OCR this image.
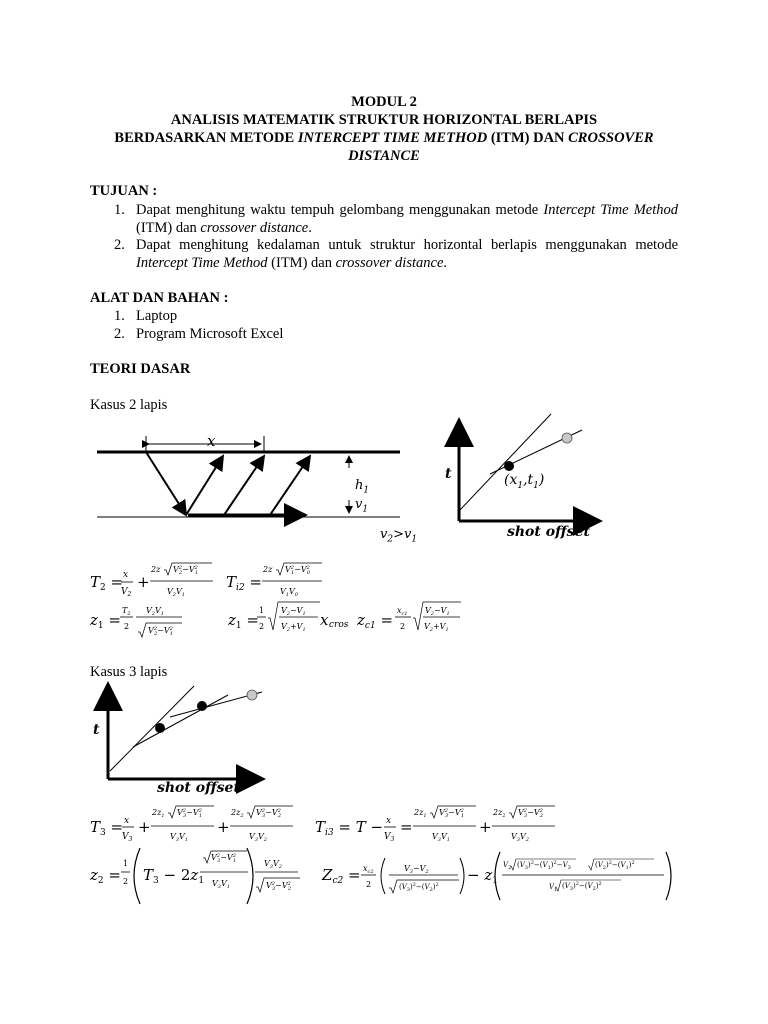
MODUL 2
ANALISIS MATEMATIK STRUKTUR HORIZONTAL BERLAPIS
BERDASARKAN METODE INTERCEPT TIME METHOD (ITM) DAN CROSSOVER
DISTANCE
TUJUAN :
1. Dapat menghitung waktu tempuh gelombang menggunakan metode Intercept Time Method (ITM) dan crossover distance.
2. Dapat menghitung kedalaman untuk struktur horizontal berlapis menggunakan metode Intercept Time Method (ITM) dan crossover distance.
ALAT DAN BAHAN :
1. Laptop
2. Program Microsoft Excel
TEORI DASAR
Kasus 2 lapis
x
$h_1$
$v_1$
$v_2>v_1$
t	$(x_1,t_1)$
shot offset
$T_2 = x$
$V_2$
+
2z $V^2$ $2-V^2$ 1
$V_2V_1$
$T_{i2}$ =
2z $V^2$ $1-V^2$ 0
$V_1V_0$
$z_1$ =
$T_2$
2
$V_2V_1$
$V^2$ $2-V^2$ 1
$z_1$ =
1
2
$V_2-V_1$
$V_2+V_1$
x cros $z_{c1}$ =
$x_{c1}$
2
$V_2-V_1$
$V_2+V_1$
Kasus 3 lapis
t
shot offset
$T_3 = x$
$V_3$
+
$2z_1$ $V^2$ $3-V^2$ 1
$V_3V_1$
+
$2z_2$ $V^2$ $3-V^2$ 2
$V_3V_2$
$T_{i3} = T - x$
$V_3$
=
$2z_1$ $V^2$ $3-V^2$ 1
$V_3V_1$
+
$2z_2$ $V^2$ $3-V^2$ 2
$V_3V_2$
$z_2$ =
1
2 $T_3 - 2z_1$
$V^2$ $3-V^2$ 1
$V_3V_1$
$V_3V_2$
$V^2$ $3-V^2$ 2
$Z_{c2} = x_{c2}$
2
$V_3-V_2$
$(V_3)^2-(V_2)^2$
− $z_1$
$V_2$ $(V_3)^2-(V_1)^2-V_3$	$(V_2)^2-(V_1)^2$
$V_1$ $(V_3)^2-(V_2)^2$
